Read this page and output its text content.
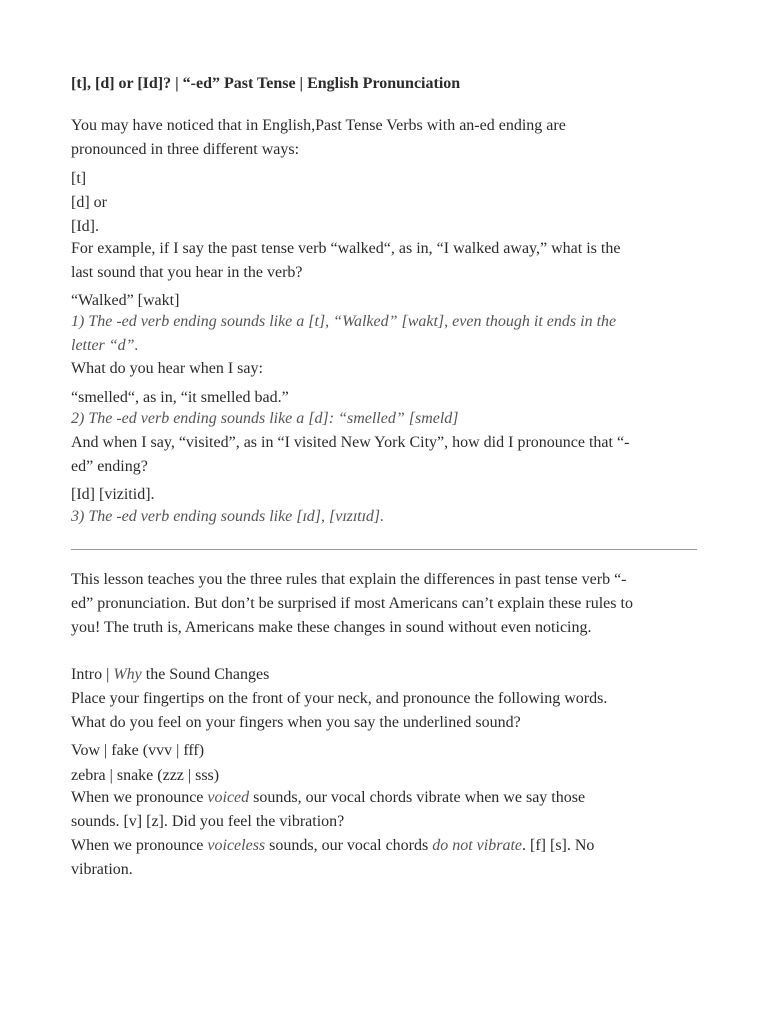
[t], [d] or [Id]? | “-ed” Past Tense | English Pronunciation
You may have noticed that in English,Past Tense Verbs with an-ed ending are
pronounced in three different ways:
[t]
[d] or
[Id].
For example, if I say the past tense verb “walked“, as in, “I walked away,” what is the
last sound that you hear in the verb?
“Walked” [wakt]
1) The -ed verb ending sounds like a [t], “Walked” [wakt], even though it ends in the
letter “d”.
What do you hear when I say:
“smelled“, as in, “it smelled bad.”
2) The -ed verb ending sounds like a [d]: “smelled” [smeld]
And when I say, “visited”, as in “I visited New York City”, how did I pronounce that “-
ed” ending?
[Id] [vizitid].
3) The -ed verb ending sounds like [ɪd], [vɪzɪtɪd].
This lesson teaches you the three rules that explain the differences in past tense verb “-
ed” pronunciation. But don’t be surprised if most Americans can’t explain these rules to
you! The truth is, Americans make these changes in sound without even noticing.
Intro | Why the Sound Changes
Place your fingertips on the front of your neck, and pronounce the following words.
What do you feel on your fingers when you say the underlined sound?
Vow | fake (vvv | fff)
zebra | snake (zzz | sss)
When we pronounce voiced sounds, our vocal chords vibrate when we say those
sounds. [v] [z]. Did you feel the vibration?
When we pronounce voiceless sounds, our vocal chords do not vibrate. [f] [s]. No
vibration.
